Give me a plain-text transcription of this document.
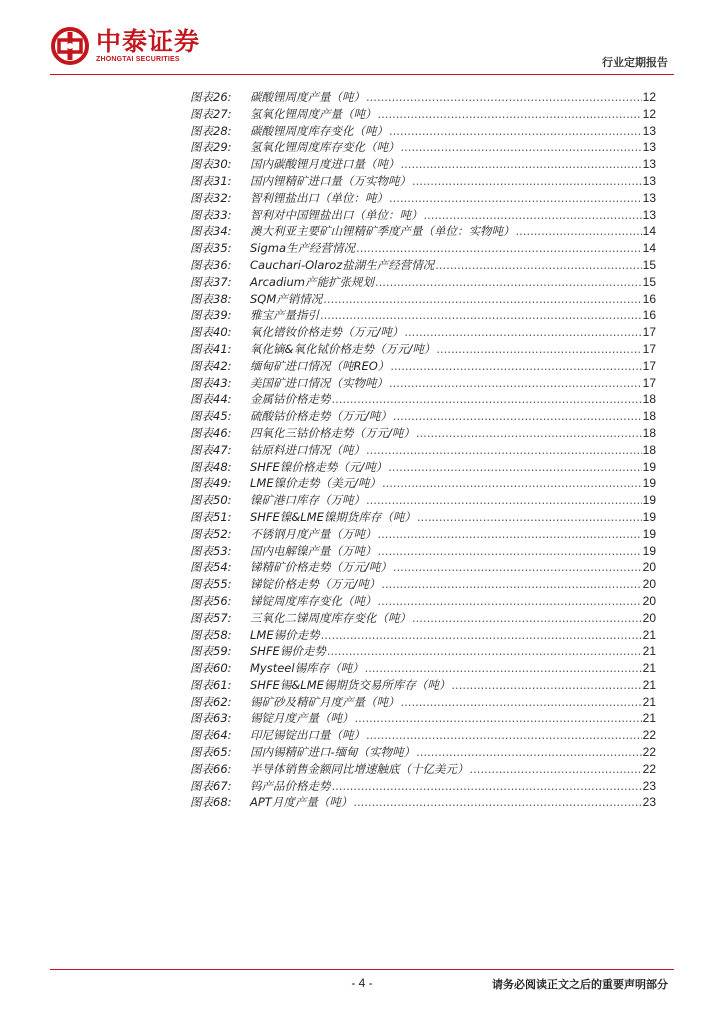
中泰证券
ZHONGTAI SECURITIES	行业定期报告
图表26:	碳酸锂周度产量（吨） .....	12
图表27:	氢氧化锂周度产量（吨） .....	12
图表28:	碳酸锂周度库存变化（吨） .....	13
图表29:	氢氧化锂周度库存变化（吨） .....	13
图表30:	国内碳酸锂月度进口量（吨） .....	13
图表31:	国内锂精矿进口量（万实物吨） .....	13
图表32:	智利锂盐出口（单位：吨） .....	13
图表33:	智利对中国锂盐出口（单位：吨） .....	13
图表34:	澳大利亚主要矿山锂精矿季度产量（单位：实物吨） .....	14
图表35:	Sigma生产经营情况 .....	14
图表36:	Cauchari-Olaroz盐湖生产经营情况 .....	15
图表37:	Arcadium产能扩张规划 .....	15
图表38:	SQM产销情况 .....	16
图表39:	雅宝产量指引 .....	16
图表40:	氧化镨钕价格走势（万元/吨） .....	17
图表41:	氧化镝&氧化铽价格走势（万元/吨） .....	17
图表42:	缅甸矿进口情况（吨REO） .....	17
图表43:	美国矿进口情况（实物吨） .....	17
图表44:	金属钴价格走势 .....	18
图表45:	硫酸钴价格走势（万元/吨） .....	18
图表46:	四氧化三钴价格走势（万元/吨） .....	18
图表47:	钴原料进口情况（吨） .....	18
图表48:	SHFE镍价格走势（元/吨） .....	19
图表49:	LME镍价走势（美元/吨） .....	19
图表50:	镍矿港口库存（万吨） .....	19
图表51:	SHFE镍&LME镍期货库存（吨） .....	19
图表52:	不锈钢月度产量（万吨） .....	19
图表53:	国内电解镍产量（万吨） .....	19
图表54:	锑精矿价格走势（万元/吨） .....	20
图表55:	锑锭价格走势（万元/吨） .....	20
图表56:	锑锭周度库存变化（吨） .....	20
图表57:	三氧化二锑周度库存变化（吨） .....	20
图表58:	LME锡价走势 .....	21
图表59:	SHFE锡价走势 .....	21
图表60:	Mysteel锡库存（吨） .....	21
图表61:	SHFE锡&LME锡期货交易所库存（吨） .....	21
图表62:	锡矿砂及精矿月度产量（吨） .....	21
图表63:	锡锭月度产量（吨） .....	21
图表64:	印尼锡锭出口量（吨） .....	22
图表65:	国内锡精矿进口-缅甸（实物吨） .....	22
图表66:	半导体销售金额同比增速触底（十亿美元） .....	22
图表67:	钨产品价格走势 .....	23
图表68:	APT月度产量（吨） .....	23
- 4 -	请务必阅读正文之后的重要声明部分
